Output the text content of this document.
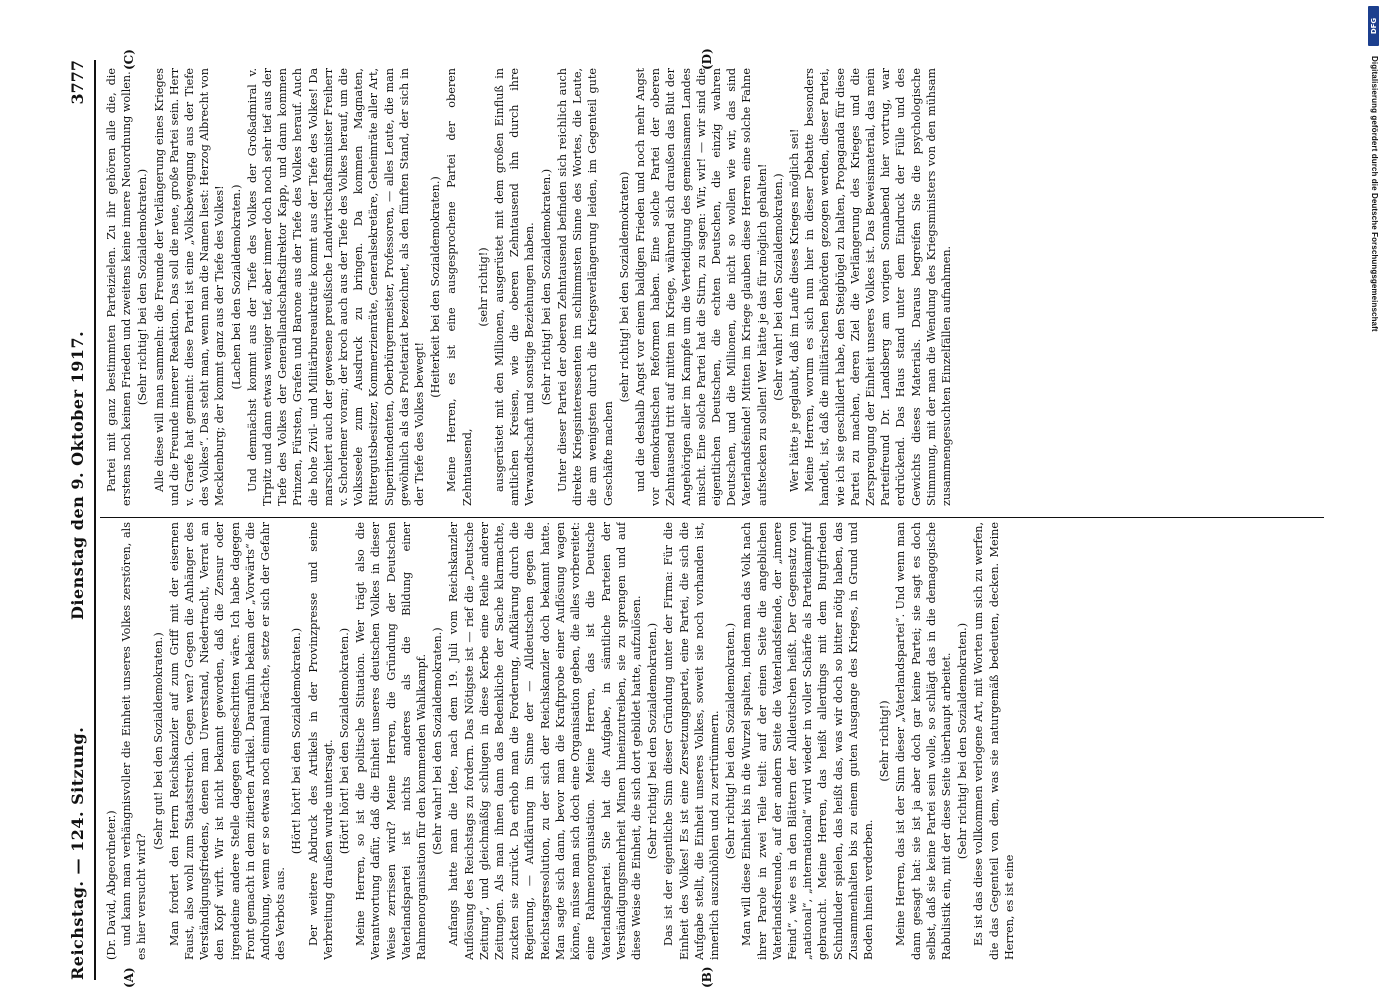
Reichstag. — 124. Sitzung.
Dienstag den 9. Oktober 1917.
3777
(A)	(B)
(C)	(D)

(Dr. David, Abgeordneter.) und kann man verhängnisvoller die Einheit unseres Volkes zerstören, als es hier versucht wird?

(Sehr gut! bei den Sozialdemokraten.) Man fordert den Herrn Reichskanzler auf zum Griff mit der eisernen Faust, also wohl zum Staatsstreich. Gegen wen? Gegen die Anhänger des Verständigungsfriedens, denen man Unverstand, Niedertracht, Verrat an den Kopf wirft. Wir ist nicht bekannt geworden, daß die Zensur oder irgendeine andere Stelle dagegen eingeschritten wäre. Ich habe dagegen Front gemacht in dem zitierten Artikel. Daraufhin bekam der „Vorwärts“ die Androhung, wenn er so etwas noch einmal brächte, setze er sich der Gefahr des Verbots aus.

(Hört! hört! bei den Sozialdemokraten.) Der weitere Abdruck des Artikels in der Provinzpresse und seine Verbreitung draußen wurde untersagt. (Hört! hört! bei den Sozialdemokraten.) Meine Herren, so ist die politische Situation. Wer trägt also die Verantwortung dafür, daß die Einheit unseres deutschen Volkes in dieser Weise zerrissen wird? Meine Herren, die Gründung der Deutschen Vaterlandspartei ist nichts anderes als die Bildung einer Rahmenorganisation für den kommenden Wahlkampf. (Sehr wahr! bei den Sozialdemokraten.) Anfangs hatte man die Idee, nach dem 19. Juli vom Reichskanzler Auflösung des Reichstags zu fordern. Das Nötigste ist — rief die „Deutsche Zeitung“, und gleichmäßig schlugen in diese Kerbe eine Reihe anderer Zeitungen. Als man ihnen dann das Bedenkliche der Sache klarmachte, zuckten sie zurück. Da erhob man die Forderung, Aufklärung durch die Regierung, — Aufklärung im Sinne der — Alldeutschen gegen die Reichstagsresolution, zu der sich der Reichskanzler doch bekannt hatte. Man sagte sich dann, bevor man die Kraftprobe einer Auflösung wagen könne, müsse man sich doch eine Organisation geben, die alles vorbereitet: eine Rahmenorganisation. Meine Herren, das ist die Deutsche Vaterlandspartei. Sie hat die Aufgabe, in sämtliche Parteien der Verständigungsmehrheit Minen hineinzutreiben, sie zu sprengen und auf diese Weise die Einheit, die sich dort gebildet hatte, aufzulösen. (Sehr richtig! bei den Sozialdemokraten.) Das ist der eigentliche Sinn dieser Gründung unter der Firma: Für die Einheit des Volkes! Es ist eine Zersetzungspartei, eine Partei, die sich die Aufgabe stellt, die Einheit unseres Volkes, soweit sie noch vorhanden ist, innerlich auszuhöhlen und zu zertrümmern. (Sehr richtig! bei den Sozialdemokraten.) Man will diese Einheit bis in die Wurzel spalten, indem man das Volk nach ihrer Parole in zwei Teile teilt: auf der einen Seite die angeblichen Vaterlandsfreunde, auf der andern Seite die Vaterlandsfeinde, der „innere Feind“, wie es in den Blättern der Alldeutschen heißt. Der Gegensatz von „national“, „international“ wird wieder in voller Schärfe als Parteikampfruf gebraucht. Meine Herren, das heißt allerdings mit dem Burgfrieden Schindluder spielen, das heißt das, was wir doch so bitter nötig haben, das Zusammenhalten bis zu einem guten Ausgange des Krieges, in Grund und Boden hinein verderben.

(Sehr richtig!) Meine Herren, das ist der Sinn dieser „Vaterlandspartei“. Und wenn man dann gesagt hat: sie ist ja aber doch gar keine Partei; sie sagt es doch selbst, daß sie keine Partei sein wolle, so schlägt das in die demagogische Rabulistik ein, mit der diese Seite überhaupt arbeitet. (Sehr richtig! bei den Sozialdemokraten.) Es ist das diese vollkommen verlogene Art, mit Worten um sich zu werfen, die das Gegenteil von dem, was sie naturgemäß bedeuten, decken. Meine Herren, es ist eine

Partei mit ganz bestimmten Parteizielen. Zu ihr gehören alle die, die erstens noch keinen Frieden und zweitens keine innere Neuordnung wollen. (Sehr richtig! bei den Sozialdemokraten.) Alle diese will man sammeln: die Freunde der Verlängerung eines Krieges und die Freunde innerer Reaktion. Das soll die neue, große Partei sein. Herr v. Graefe hat gemeint: diese Partei ist eine „Volksbewegung aus der Tiefe des Volkes“. Das steht man, wenn man die Namen liest: Herzog Albrecht von Mecklenburg; der kommt ganz aus der Tiefe des Volkes! (Lachen bei den Sozialdemokraten.) Und demnächst kommt aus der Tiefe des Volkes der Großadmiral v. Tirpitz und dann etwas weniger tief, aber immer doch noch sehr tief aus der Tiefe des Volkes der Generallandschaftsdirektor Kapp, und dann kommen Prinzen, Fürsten, Grafen und Barone aus der Tiefe des Volkes herauf. Auch die hohe Zivil- und Militärbureaukratie kommt aus der Tiefe des Volkes! Da marschiert auch der gewesene preußische Landwirtschaftsminister Freiherr v. Schorlemer voran; der kroch auch aus der Tiefe des Volkes herauf, um die Volksseele zum Ausdruck zu bringen. Da kommen Magnaten, Rittergutsbesitzer, Kommerzienräte, Generalsekretäre, Geheimräte aller Art, Superintendenten, Oberbürgermeister, Professoren, — alles Leute, die man gewöhnlich als das Proletariat bezeichnet, als den fünften Stand, der sich in der Tiefe des Volkes bewegt!

(Heiterkeit bei den Sozialdemokraten.) Meine Herren, es ist eine ausgesprochene Partei der oberen Zehntausend,

(sehr richtig!) ausgerüstet mit den Millionen, ausgerüstet mit dem großen Einfluß in amtlichen Kreisen, wie die oberen Zehntausend ihn durch ihre Verwandtschaft und sonstige Beziehungen haben. (Sehr richtig! bei den Sozialdemokraten.) Unter dieser Partei der oberen Zehntausend befinden sich reichlich auch direkte Kriegsinteressenten im schlimmsten Sinne des Wortes, die Leute, die am wenigsten durch die Kriegsverlängerung leiden, im Gegenteil gute Geschäfte machen

(sehr richtig! bei den Sozialdemokraten) und die deshalb Angst vor einem baldigen Frieden und noch mehr Angst vor demokratischen Reformen haben. Eine solche Partei der oberen Zehntausend tritt auf mitten im Kriege, während sich draußen das Blut der Angehörigen aller im Kampfe um die Verteidigung des gemeinsamen Landes mischt. Eine solche Partei hat die Stirn, zu sagen: Wir, wir! — wir sind die eigentlichen Deutschen, die echten Deutschen, die einzig wahren Deutschen, und die Millionen, die nicht so wollen wie wir, das sind Vaterlandsfeinde! Mitten im Kriege glauben diese Herren eine solche Fahne aufstecken zu sollen! Wer hätte je das für möglich gehalten! (Sehr wahr! bei den Sozialdemokraten.) Wer hätte je geglaubt, daß im Laufe dieses Krieges möglich sei! Meine Herren, worum es sich nun hier in dieser Debatte besonders handelt, ist, daß die militärischen Behörden gezogen werden, dieser Partei, wie ich sie geschildert habe, den Steigbügel zu halten, Propaganda für diese Partei zu machen, deren Ziel die Verlängerung des Krieges und die Zersprengung der Einheit unseres Volkes ist. Das Beweismaterial, das mein Parteifreund Dr. Landsberg am vorigen Sonnabend hier vortrug, war erdrückend. Das Haus stand unter dem Eindruck der Fülle und des Gewichts dieses Materials. Daraus begreifen Sie die psychologische Stimmung, mit der man die Wendung des Kriegsministers von den mühsam zusammengesuchten Einzelfällen aufnahmen.

DFG
Digitalisierung gefördert durch die Deutsche Forschungsgemeinschaft
